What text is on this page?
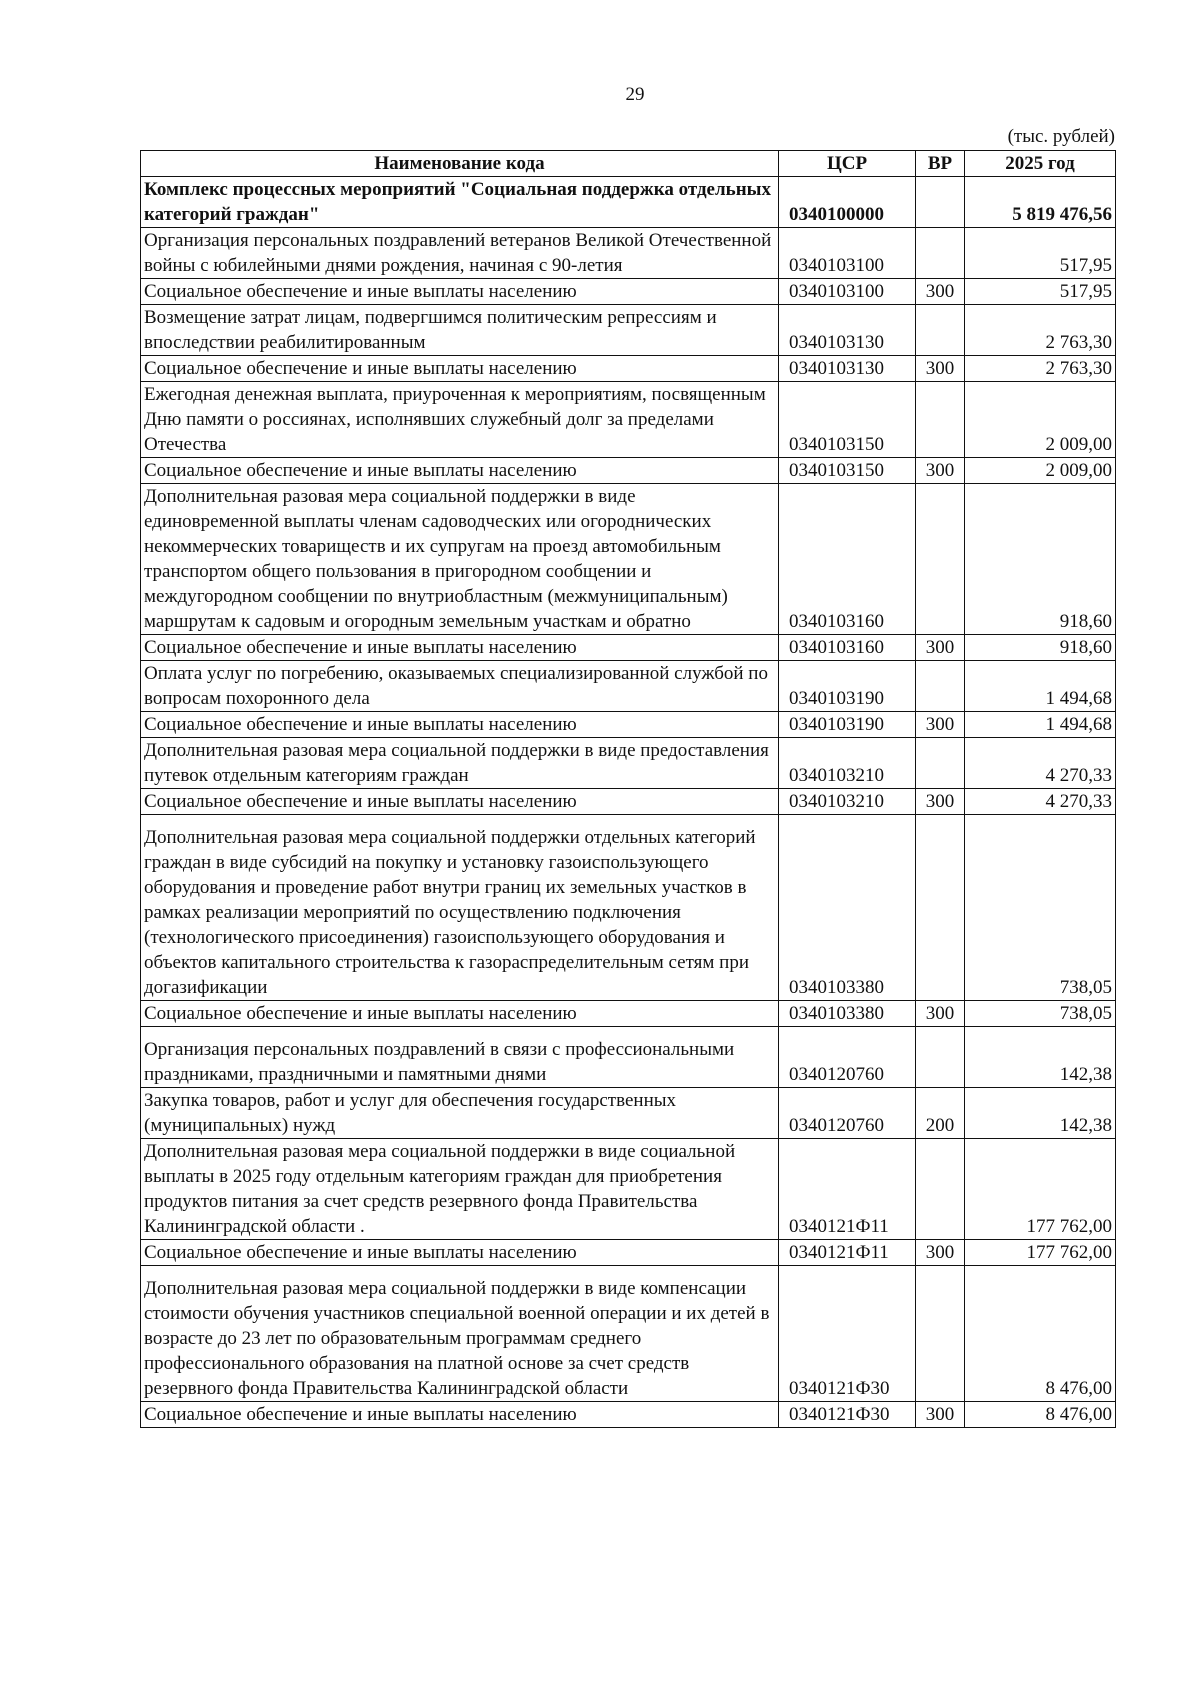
29
(тыс. рублей)
Наименование кода	ЦСР	ВР	2025 год
Комплекс процессных мероприятий "Социальная поддержка отдельных категорий граждан"	0340100000		5 819 476,56
Организация персональных поздравлений ветеранов Великой Отечественной войны с юбилейными днями рождения, начиная с 90-летия	0340103100		517,95
Социальное обеспечение и иные выплаты населению	0340103100	300	517,95
Возмещение затрат лицам, подвергшимся политическим репрессиям и впоследствии реабилитированным	0340103130		2 763,30
Социальное обеспечение и иные выплаты населению	0340103130	300	2 763,30
Ежегодная денежная выплата, приуроченная к мероприятиям, посвященным Дню памяти о россиянах, исполнявших служебный долг за пределами Отечества	0340103150		2 009,00
Социальное обеспечение и иные выплаты населению	0340103150	300	2 009,00
Дополнительная разовая мера социальной поддержки в виде единовременной выплаты членам садоводческих или огороднических некоммерческих товариществ и их супругам на проезд автомобильным транспортом общего пользования в пригородном сообщении и междугородном сообщении по внутриобластным (межмуниципальным) маршрутам к садовым и огородным земельным участкам и обратно	0340103160		918,60
Социальное обеспечение и иные выплаты населению	0340103160	300	918,60
Оплата услуг по погребению, оказываемых специализированной службой по вопросам похоронного дела	0340103190		1 494,68
Социальное обеспечение и иные выплаты населению	0340103190	300	1 494,68
Дополнительная разовая мера социальной поддержки в виде предоставления путевок отдельным категориям граждан	0340103210		4 270,33
Социальное обеспечение и иные выплаты населению	0340103210	300	4 270,33
Дополнительная разовая мера социальной поддержки отдельных категорий граждан в виде субсидий на покупку и установку газоиспользующего оборудования и проведение работ внутри границ их земельных участков в рамках реализации мероприятий по осуществлению подключения (технологического присоединения) газоиспользующего оборудования и объектов капитального строительства к газораспределительным сетям при догазификации	0340103380		738,05
Социальное обеспечение и иные выплаты населению	0340103380	300	738,05
Организация персональных поздравлений в связи с профессиональными праздниками, праздничными и памятными днями	0340120760		142,38
Закупка товаров, работ и услуг для обеспечения государственных (муниципальных) нужд	0340120760	200	142,38
Дополнительная разовая мера социальной поддержки в виде социальной выплаты в 2025 году отдельным категориям граждан для приобретения продуктов питания за счет средств резервного фонда Правительства Калининградской области .	0340121Ф11		177 762,00
Социальное обеспечение и иные выплаты населению	0340121Ф11	300	177 762,00
Дополнительная разовая мера социальной поддержки в виде компенсации стоимости обучения участников специальной военной операции и их детей в возрасте до 23 лет по образовательным программам среднего профессионального образования на платной основе за счет средств резервного фонда Правительства Калининградской области	0340121Ф30		8 476,00
Социальное обеспечение и иные выплаты населению	0340121Ф30	300	8 476,00
